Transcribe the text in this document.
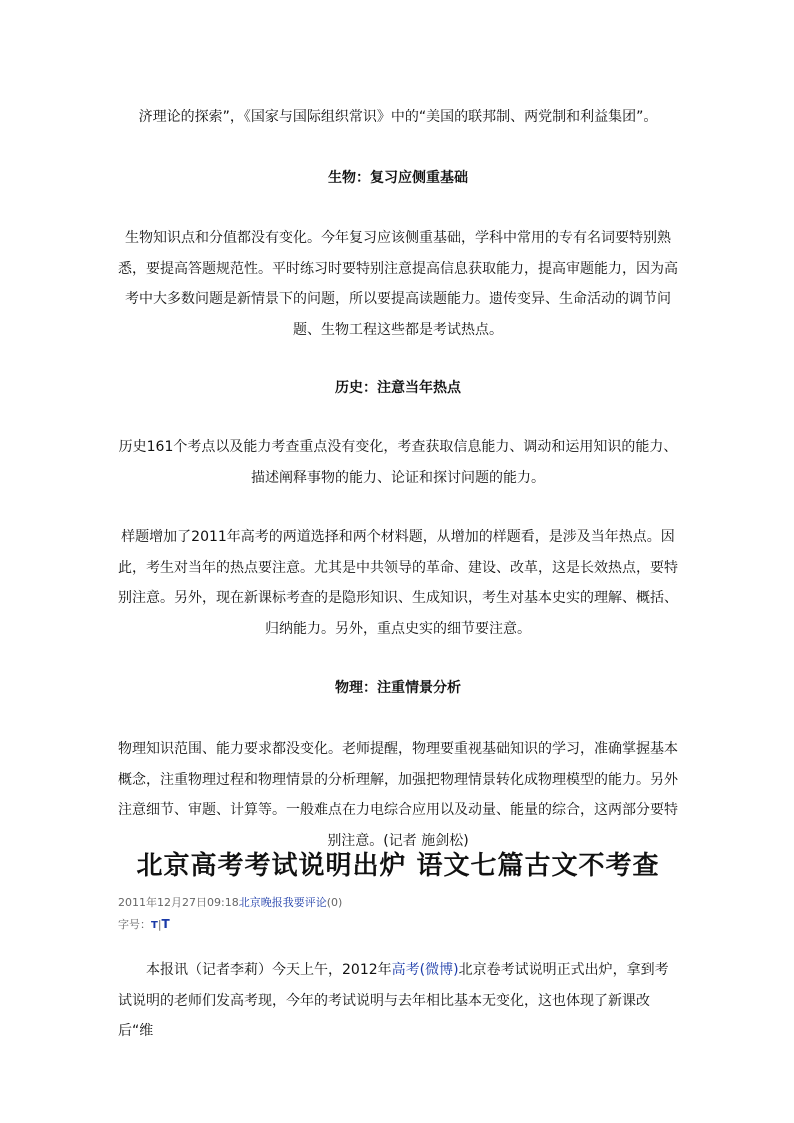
济理论的探索”，《国家与国际组织常识》中的“美国的联邦制、两党制和利益集团”。

生物：复习应侧重基础

生物知识点和分值都没有变化。今年复习应该侧重基础，学科中常用的专有名词要特别熟悉，要提高答题规范性。平时练习时要特别注意提高信息获取能力，提高审题能力，因为高考中大多数问题是新情景下的问题，所以要提高读题能力。遗传变异、生命活动的调节问题、生物工程这些都是考试热点。

历史：注意当年热点

历史161个考点以及能力考查重点没有变化，考查获取信息能力、调动和运用知识的能力、描述阐释事物的能力、论证和探讨问题的能力。

样题增加了2011年高考的两道选择和两个材料题，从增加的样题看，是涉及当年热点。因此，考生对当年的热点要注意。尤其是中共领导的革命、建设、改革，这是长效热点，要特别注意。另外，现在新课标考查的是隐形知识、生成知识，考生对基本史实的理解、概括、归纳能力。另外，重点史实的细节要注意。

物理：注重情景分析

物理知识范围、能力要求都没变化。老师提醒，物理要重视基础知识的学习，准确掌握基本概念，注重物理过程和物理情景的分析理解，加强把物理情景转化成物理模型的能力。另外注意细节、审题、计算等。一般难点在力电综合应用以及动量、能量的综合，这两部分要特别注意。(记者 施剑松)

北京高考考试说明出炉 语文七篇古文不考查
2011年12月27日09:18北京晚报我要评论(0)
字号：T|T

本报讯（记者李莉）今天上午，2012年高考(微博)北京卷考试说明正式出炉，拿到考试说明的老师们发高考现，今年的考试说明与去年相比基本无变化，这也体现了新课改后“维
